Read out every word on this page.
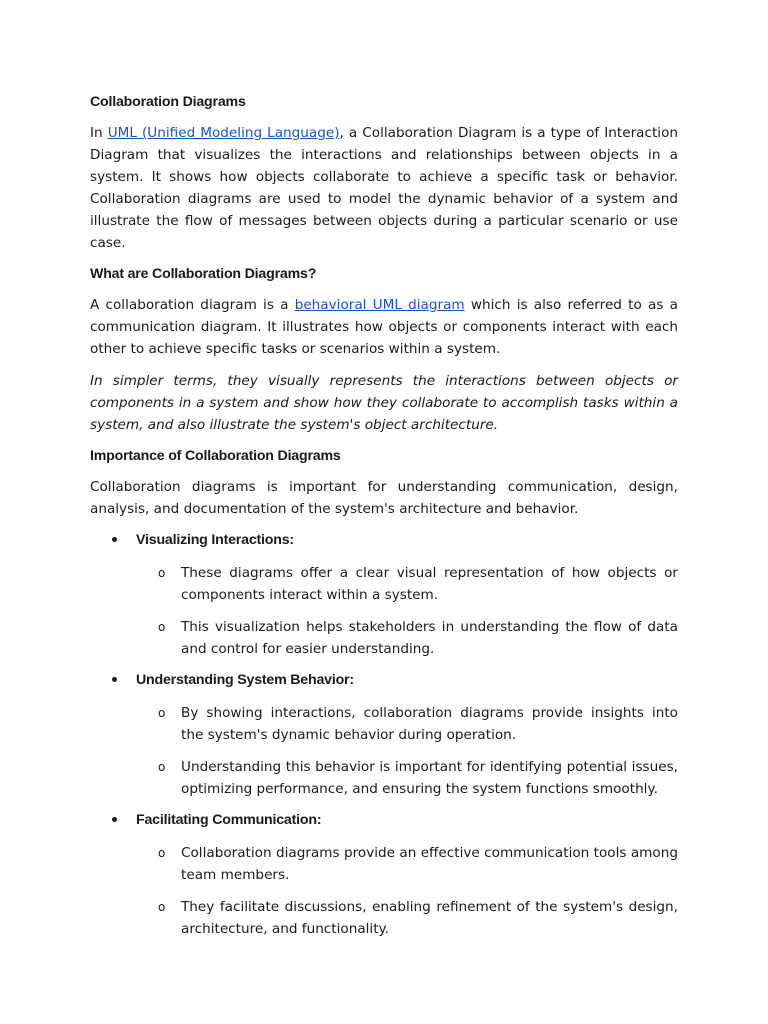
Collaboration Diagrams

In UML (Unified Modeling Language), a Collaboration Diagram is a type of Interaction Diagram that visualizes the interactions and relationships between objects in a system. It shows how objects collaborate to achieve a specific task or behavior. Collaboration diagrams are used to model the dynamic behavior of a system and illustrate the flow of messages between objects during a particular scenario or use case.

What are Collaboration Diagrams?

A collaboration diagram is a behavioral UML diagram which is also referred to as a communication diagram. It illustrates how objects or components interact with each other to achieve specific tasks or scenarios within a system.

In simpler terms, they visually represents the interactions between objects or components in a system and show how they collaborate to accomplish tasks within a system, and also illustrate the system's object architecture.

Importance of Collaboration Diagrams

Collaboration diagrams is important for understanding communication, design, analysis, and documentation of the system's architecture and behavior.

Visualizing Interactions:
o These diagrams offer a clear visual representation of how objects or components interact within a system.
o This visualization helps stakeholders in understanding the flow of data and control for easier understanding.
Understanding System Behavior:
o By showing interactions, collaboration diagrams provide insights into the system's dynamic behavior during operation.
o Understanding this behavior is important for identifying potential issues, optimizing performance, and ensuring the system functions smoothly.
Facilitating Communication:
o Collaboration diagrams provide an effective communication tools among team members.
o They facilitate discussions, enabling refinement of the system's design, architecture, and functionality.
